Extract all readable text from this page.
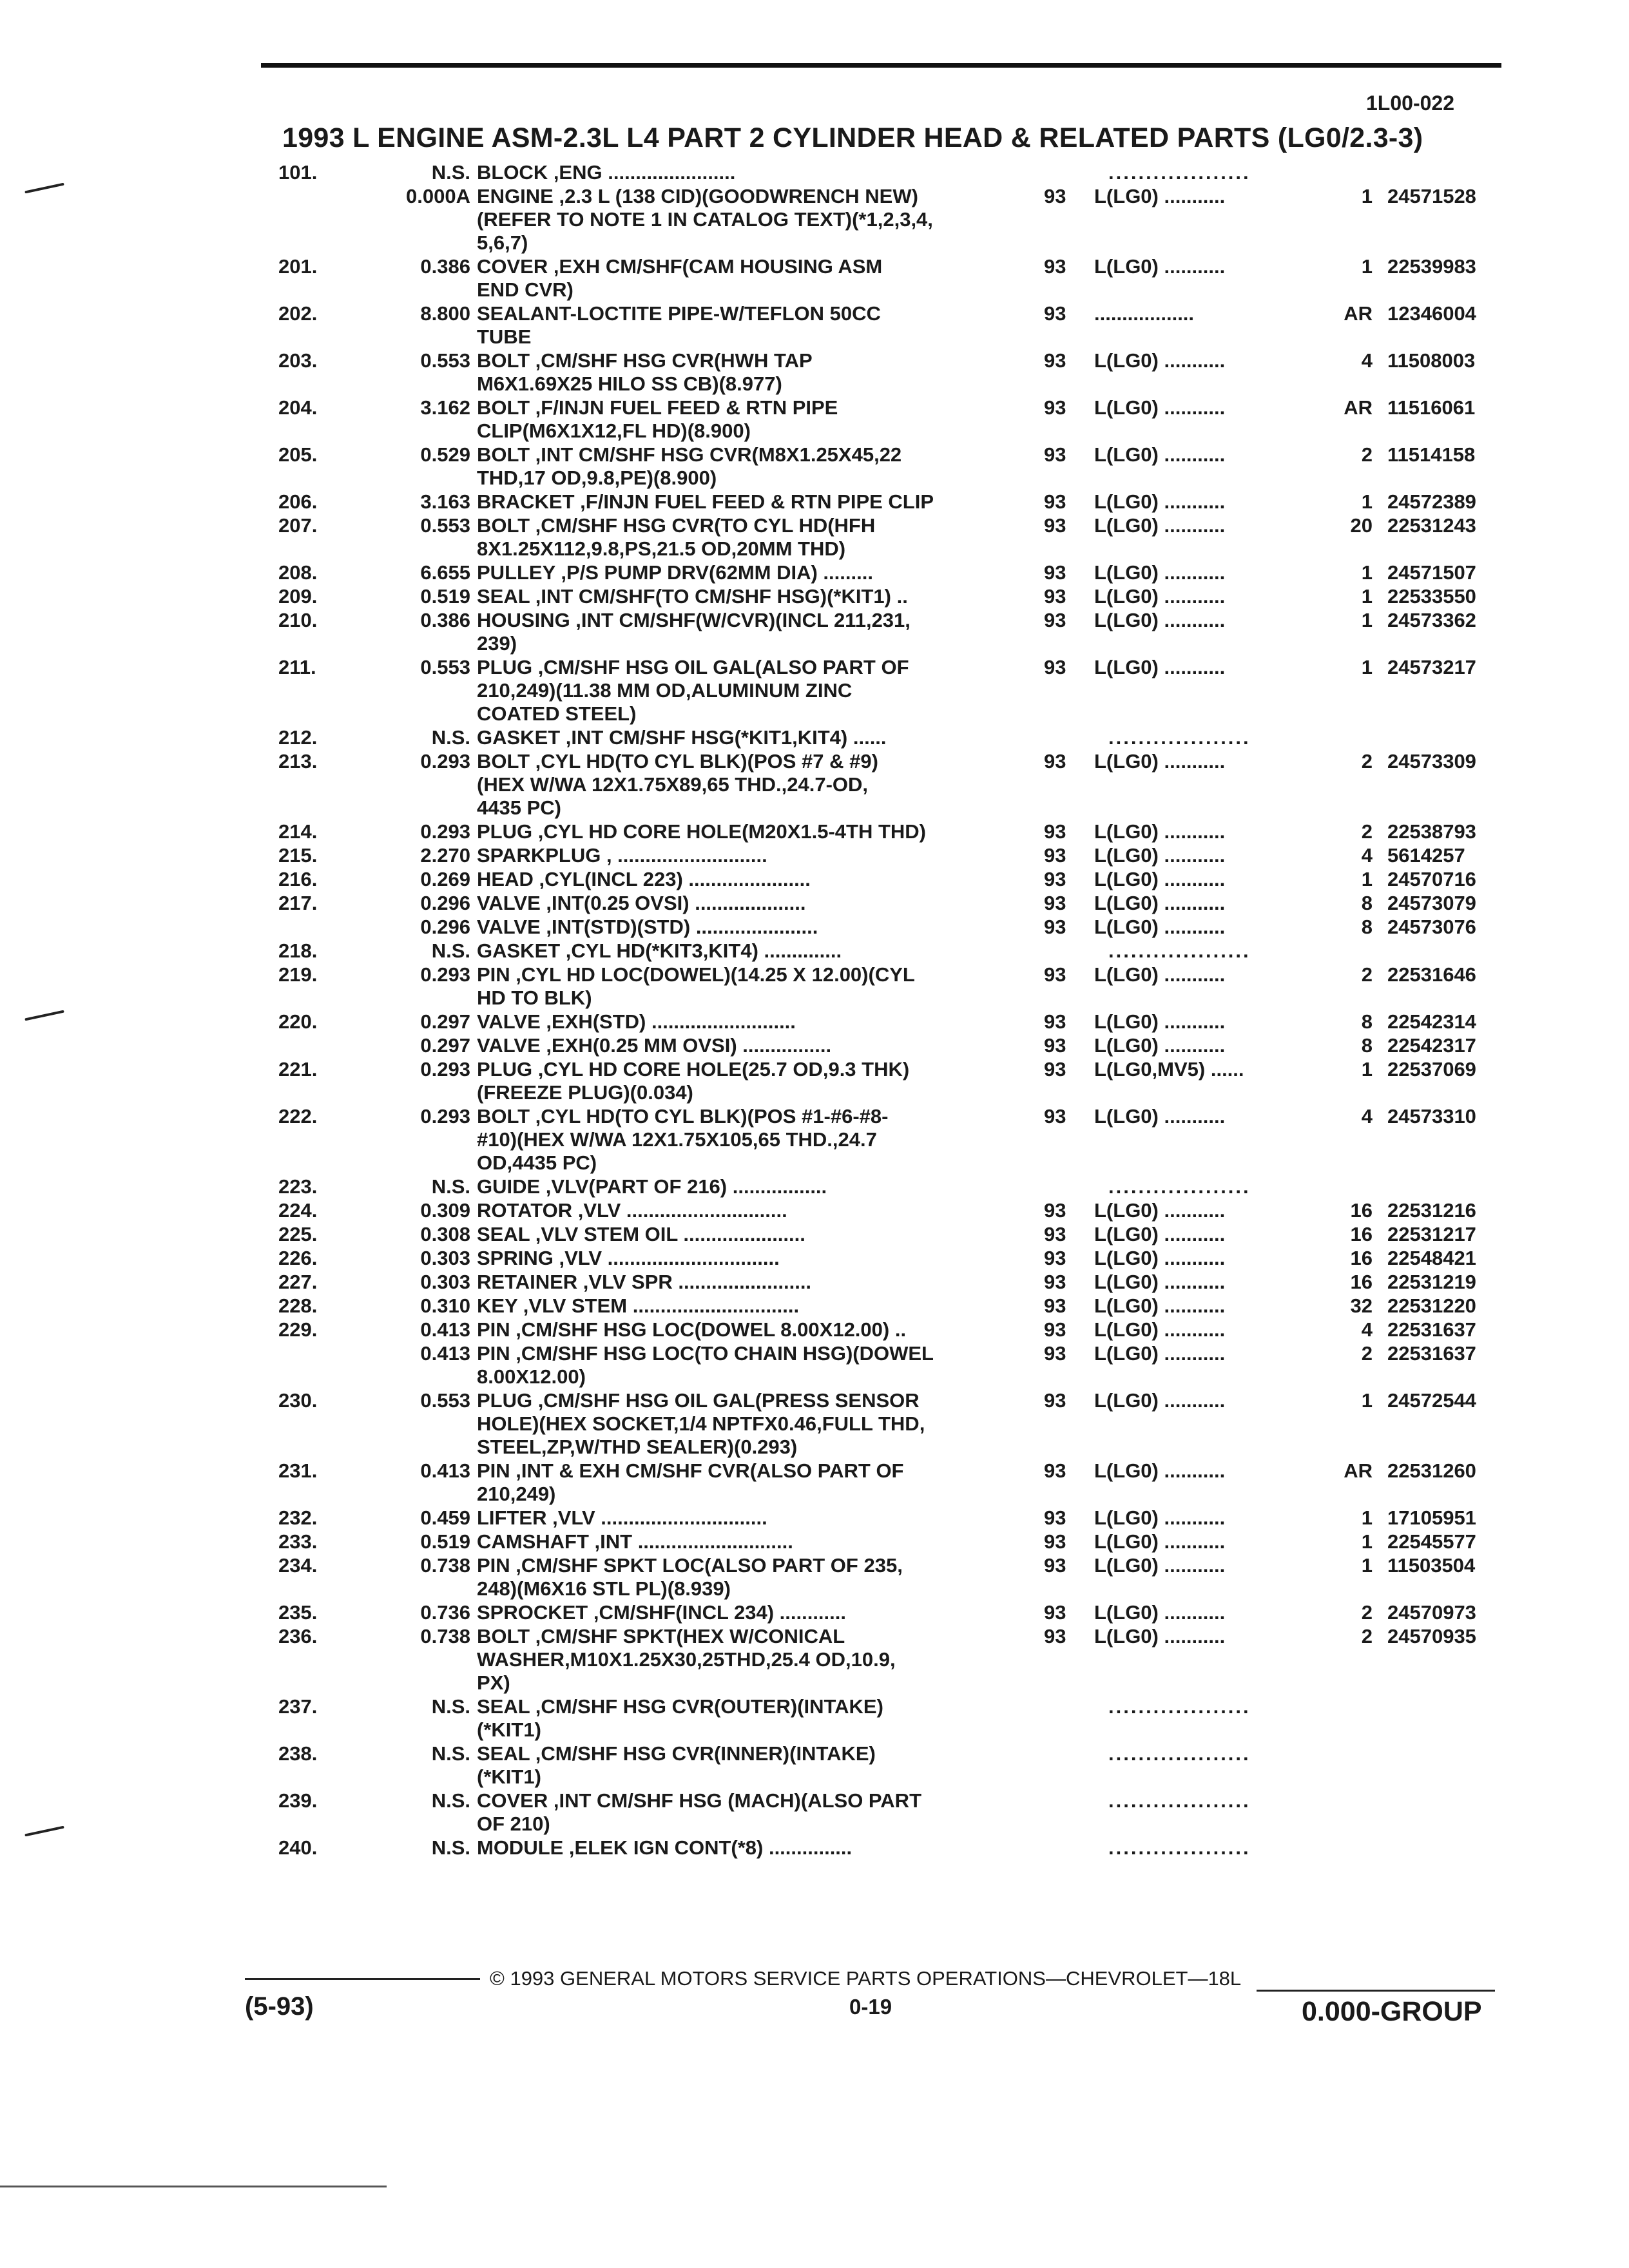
1L00-022
1993 L ENGINE ASM-2.3L L4 PART 2 CYLINDER HEAD & RELATED PARTS (LG0/2.3-3)
101.	N.S. BLOCK ,ENG .......................	...................
0.000A ENGINE ,2.3 L (138 CID)(GOODWRENCH NEW)
(REFER TO NOTE 1 IN CATALOG TEXT)(*1,2,3,4,
5,6,7)
93 L(LG0) ...........	1 24571528
201.	0.386 COVER ,EXH CM/SHF(CAM HOUSING ASM
END CVR)
93 L(LG0) ...........	1 22539983
202.	8.800 SEALANT-LOCTITE PIPE-W/TEFLON 50CC
TUBE
93 ..................	AR 12346004
203.	0.553 BOLT ,CM/SHF HSG CVR(HWH TAP
M6X1.69X25 HILO SS CB)(8.977)
93 L(LG0) ...........	4 11508003
204.	3.162 BOLT ,F/INJN FUEL FEED & RTN PIPE
CLIP(M6X1X12,FL HD)(8.900)
93 L(LG0) ...........	AR 11516061
205.	0.529 BOLT ,INT CM/SHF HSG CVR(M8X1.25X45,22
THD,17 OD,9.8,PE)(8.900)
93 L(LG0) ...........	2 11514158
206.	3.163 BRACKET ,F/INJN FUEL FEED & RTN PIPE CLIP	93 L(LG0) ...........	1 24572389
207.	0.553 BOLT ,CM/SHF HSG CVR(TO CYL HD(HFH
8X1.25X112,9.8,PS,21.5 OD,20MM THD)
93 L(LG0) ...........	20 22531243
208.	6.655 PULLEY ,P/S PUMP DRV(62MM DIA) .........	93 L(LG0) ...........	1 24571507
209.	0.519 SEAL ,INT CM/SHF(TO CM/SHF HSG)(*KIT1) ..	93 L(LG0) ...........	1 22533550
210.	0.386 HOUSING ,INT CM/SHF(W/CVR)(INCL 211,231,
239)
93 L(LG0) ...........	1 24573362
211.	0.553 PLUG ,CM/SHF HSG OIL GAL(ALSO PART OF
210,249)(11.38 MM OD,ALUMINUM ZINC
COATED STEEL)
93 L(LG0) ...........	1 24573217
212.	N.S. GASKET ,INT CM/SHF HSG(*KIT1,KIT4) ......	...................
213.	0.293 BOLT ,CYL HD(TO CYL BLK)(POS #7 & #9)
(HEX W/WA 12X1.75X89,65 THD.,24.7-OD,
4435 PC)
93 L(LG0) ...........	2 24573309
214.	0.293 PLUG ,CYL HD CORE HOLE(M20X1.5-4TH THD)	93 L(LG0) ...........	2 22538793
215.	2.270 SPARKPLUG , ...........................	93 L(LG0) ...........	4 5614257
216.	0.269 HEAD ,CYL(INCL 223) ......................	93 L(LG0) ...........	1 24570716
217.	0.296 VALVE ,INT(0.25 OVSI) ....................	93 L(LG0) ...........	8 24573079
0.296 VALVE ,INT(STD)(STD) ......................	93 L(LG0) ...........	8 24573076
218.	N.S. GASKET ,CYL HD(*KIT3,KIT4) ..............	...................
219.	0.293 PIN ,CYL HD LOC(DOWEL)(14.25 X 12.00)(CYL
HD TO BLK)
93 L(LG0) ...........	2 22531646
220.	0.297 VALVE ,EXH(STD) ..........................	93 L(LG0) ...........	8 22542314
0.297 VALVE ,EXH(0.25 MM OVSI) ................	93 L(LG0) ...........	8 22542317
221.	0.293 PLUG ,CYL HD CORE HOLE(25.7 OD,9.3 THK)
(FREEZE PLUG)(0.034)
93 L(LG0,MV5) ......	1 22537069
222.	0.293 BOLT ,CYL HD(TO CYL BLK)(POS #1-#6-#8-
#10)(HEX W/WA 12X1.75X105,65 THD.,24.7
OD,4435 PC)
93 L(LG0) ...........	4 24573310
223.	N.S. GUIDE ,VLV(PART OF 216) .................	...................
224.	0.309 ROTATOR ,VLV .............................	93 L(LG0) ...........	16 22531216
225.	0.308 SEAL ,VLV STEM OIL ......................	93 L(LG0) ...........	16 22531217
226.	0.303 SPRING ,VLV ...............................	93 L(LG0) ...........	16 22548421
227.	0.303 RETAINER ,VLV SPR ........................	93 L(LG0) ...........	16 22531219
228.	0.310 KEY ,VLV STEM ..............................	93 L(LG0) ...........	32 22531220
229.	0.413 PIN ,CM/SHF HSG LOC(DOWEL 8.00X12.00) ..	93 L(LG0) ...........	4 22531637
0.413 PIN ,CM/SHF HSG LOC(TO CHAIN HSG)(DOWEL
8.00X12.00)
93 L(LG0) ...........	2 22531637
230.	0.553 PLUG ,CM/SHF HSG OIL GAL(PRESS SENSOR
HOLE)(HEX SOCKET,1/4 NPTFX0.46,FULL THD,
STEEL,ZP,W/THD SEALER)(0.293)
93 L(LG0) ...........	1 24572544
231.	0.413 PIN ,INT & EXH CM/SHF CVR(ALSO PART OF
210,249)
93 L(LG0) ...........	AR 22531260
232.	0.459 LIFTER ,VLV ..............................	93 L(LG0) ...........	1 17105951
233.	0.519 CAMSHAFT ,INT ............................	93 L(LG0) ...........	1 22545577
234.	0.738 PIN ,CM/SHF SPKT LOC(ALSO PART OF 235,
248)(M6X16 STL PL)(8.939)
93 L(LG0) ...........	1 11503504
235.	0.736 SPROCKET ,CM/SHF(INCL 234) ............	93 L(LG0) ...........	2 24570973
236.	0.738 BOLT ,CM/SHF SPKT(HEX W/CONICAL
WASHER,M10X1.25X30,25THD,25.4 OD,10.9,
PX)
93 L(LG0) ...........	2 24570935
237.	N.S. SEAL ,CM/SHF HSG CVR(OUTER)(INTAKE)
(*KIT1)
...................
238.	N.S. SEAL ,CM/SHF HSG CVR(INNER)(INTAKE)
(*KIT1)
...................
239.	N.S. COVER ,INT CM/SHF HSG (MACH)(ALSO PART
OF 210)
...................
240.	N.S. MODULE ,ELEK IGN CONT(*8) ...............	...................
© 1993 GENERAL MOTORS SERVICE PARTS OPERATIONS—CHEVROLET—18L
0-19
(5-93)	0.000-GROUP
